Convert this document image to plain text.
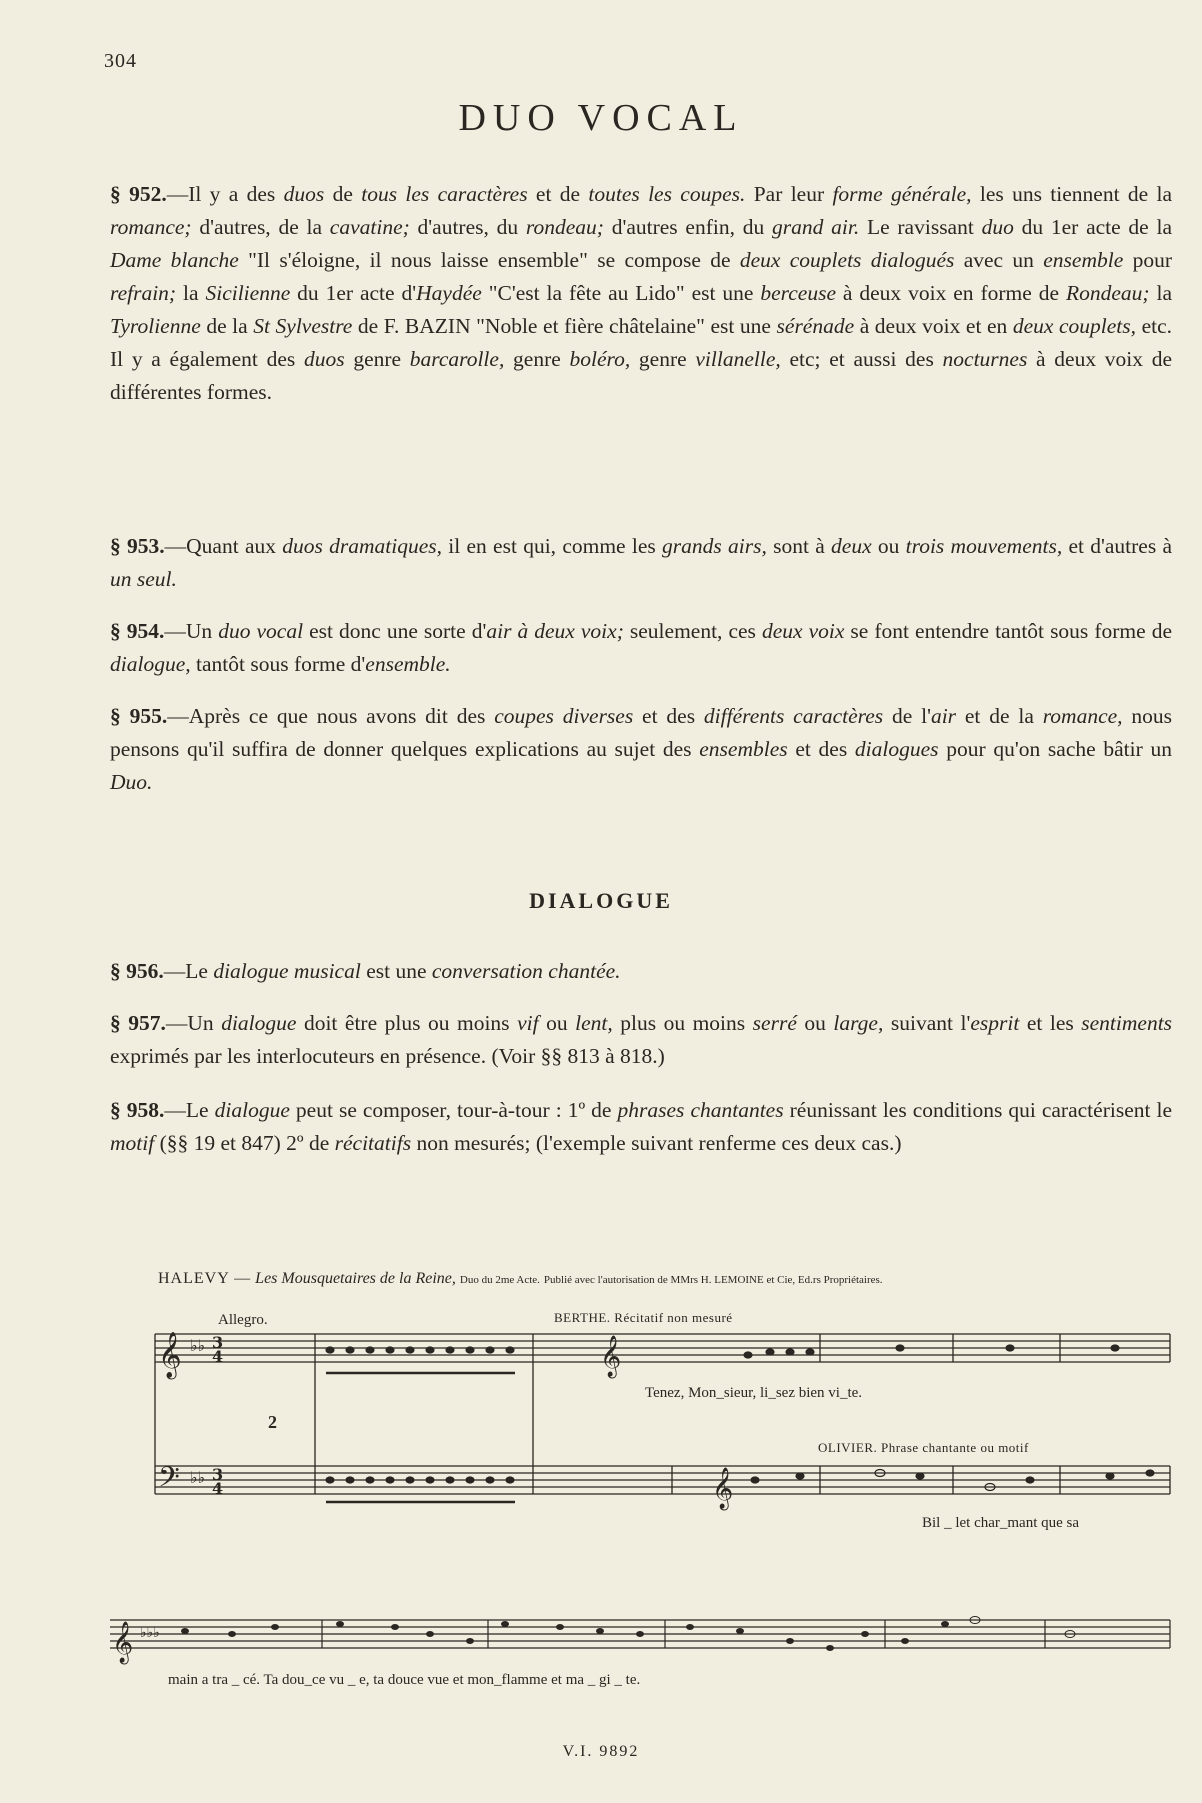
304
DUO VOCAL

§ 952.—Il y a des duos de tous les caractères et de toutes les coupes. Par leur forme générale, les uns tiennent de la romance; d'autres, de la cavatine; d'autres, du rondeau; d'autres enfin, du grand air. Le ravissant duo du 1er acte de la Dame blanche "Il s'éloigne, il nous laisse ensemble" se compose de deux couplets dialogués avec un ensemble pour refrain; la Sicilienne du 1er acte d'Haydée "C'est la fête au Lido" est une berceuse à deux voix en forme de Rondeau; la Tyrolienne de la St Sylvestre de F. BAZIN "Noble et fière châtelaine" est une sérénade à deux voix et en deux couplets, etc. Il y a également des duos genre barcarolle, genre boléro, genre villanelle, etc; et aussi des nocturnes à deux voix de différentes formes.

§ 953.—Quant aux duos dramatiques, il en est qui, comme les grands airs, sont à deux ou trois mouvements, et d'autres à un seul.

§ 954.—Un duo vocal est donc une sorte d'air à deux voix; seulement, ces deux voix se font entendre tantôt sous forme de dialogue, tantôt sous forme d'ensemble.

§ 955.—Après ce que nous avons dit des coupes diverses et des différents caractères de l'air et de la romance, nous pensons qu'il suffira de donner quelques explications au sujet des ensembles et des dialogues pour qu'on sache bâtir un Duo.

DIALOGUE

§ 956.—Le dialogue musical est une conversation chantée.

§ 957.—Un dialogue doit être plus ou moins vif ou lent, plus ou moins serré ou large, suivant l'esprit et les sentiments exprimés par les interlocuteurs en présence. (Voir §§ 813 à 818.)

§ 958.—Le dialogue peut se composer, tour-à-tour : 1º de phrases chantantes réunissant les conditions qui caractérisent le motif (§§ 19 et 847) 2º de récitatifs non mesurés; (l'exemple suivant renferme ces deux cas.)

HALEVY — Les Mousquetaires de la Reine, Duo du 2me Acte. Publié avec l'autorisation de MMrs H. LEMOINE et Cie, Ed.rs Propriétaires.
Allegro.	BERTHE. Récitatif non mesuré
OLIVIER. Phrase chantante ou motif
2
Tenez, Mon_sieur, li_sez bien vi_te.
Bil _ let char_mant que sa
main a tra _ cé. Ta dou_ce vu _ e, ta douce vue et mon_flamme et ma _ gi _ te.
𝄞 ♭♭ 3
4
𝄢 ♭♭ 3
4
𝄞
𝄞
𝄞 ♭♭♭
V.I. 9892
